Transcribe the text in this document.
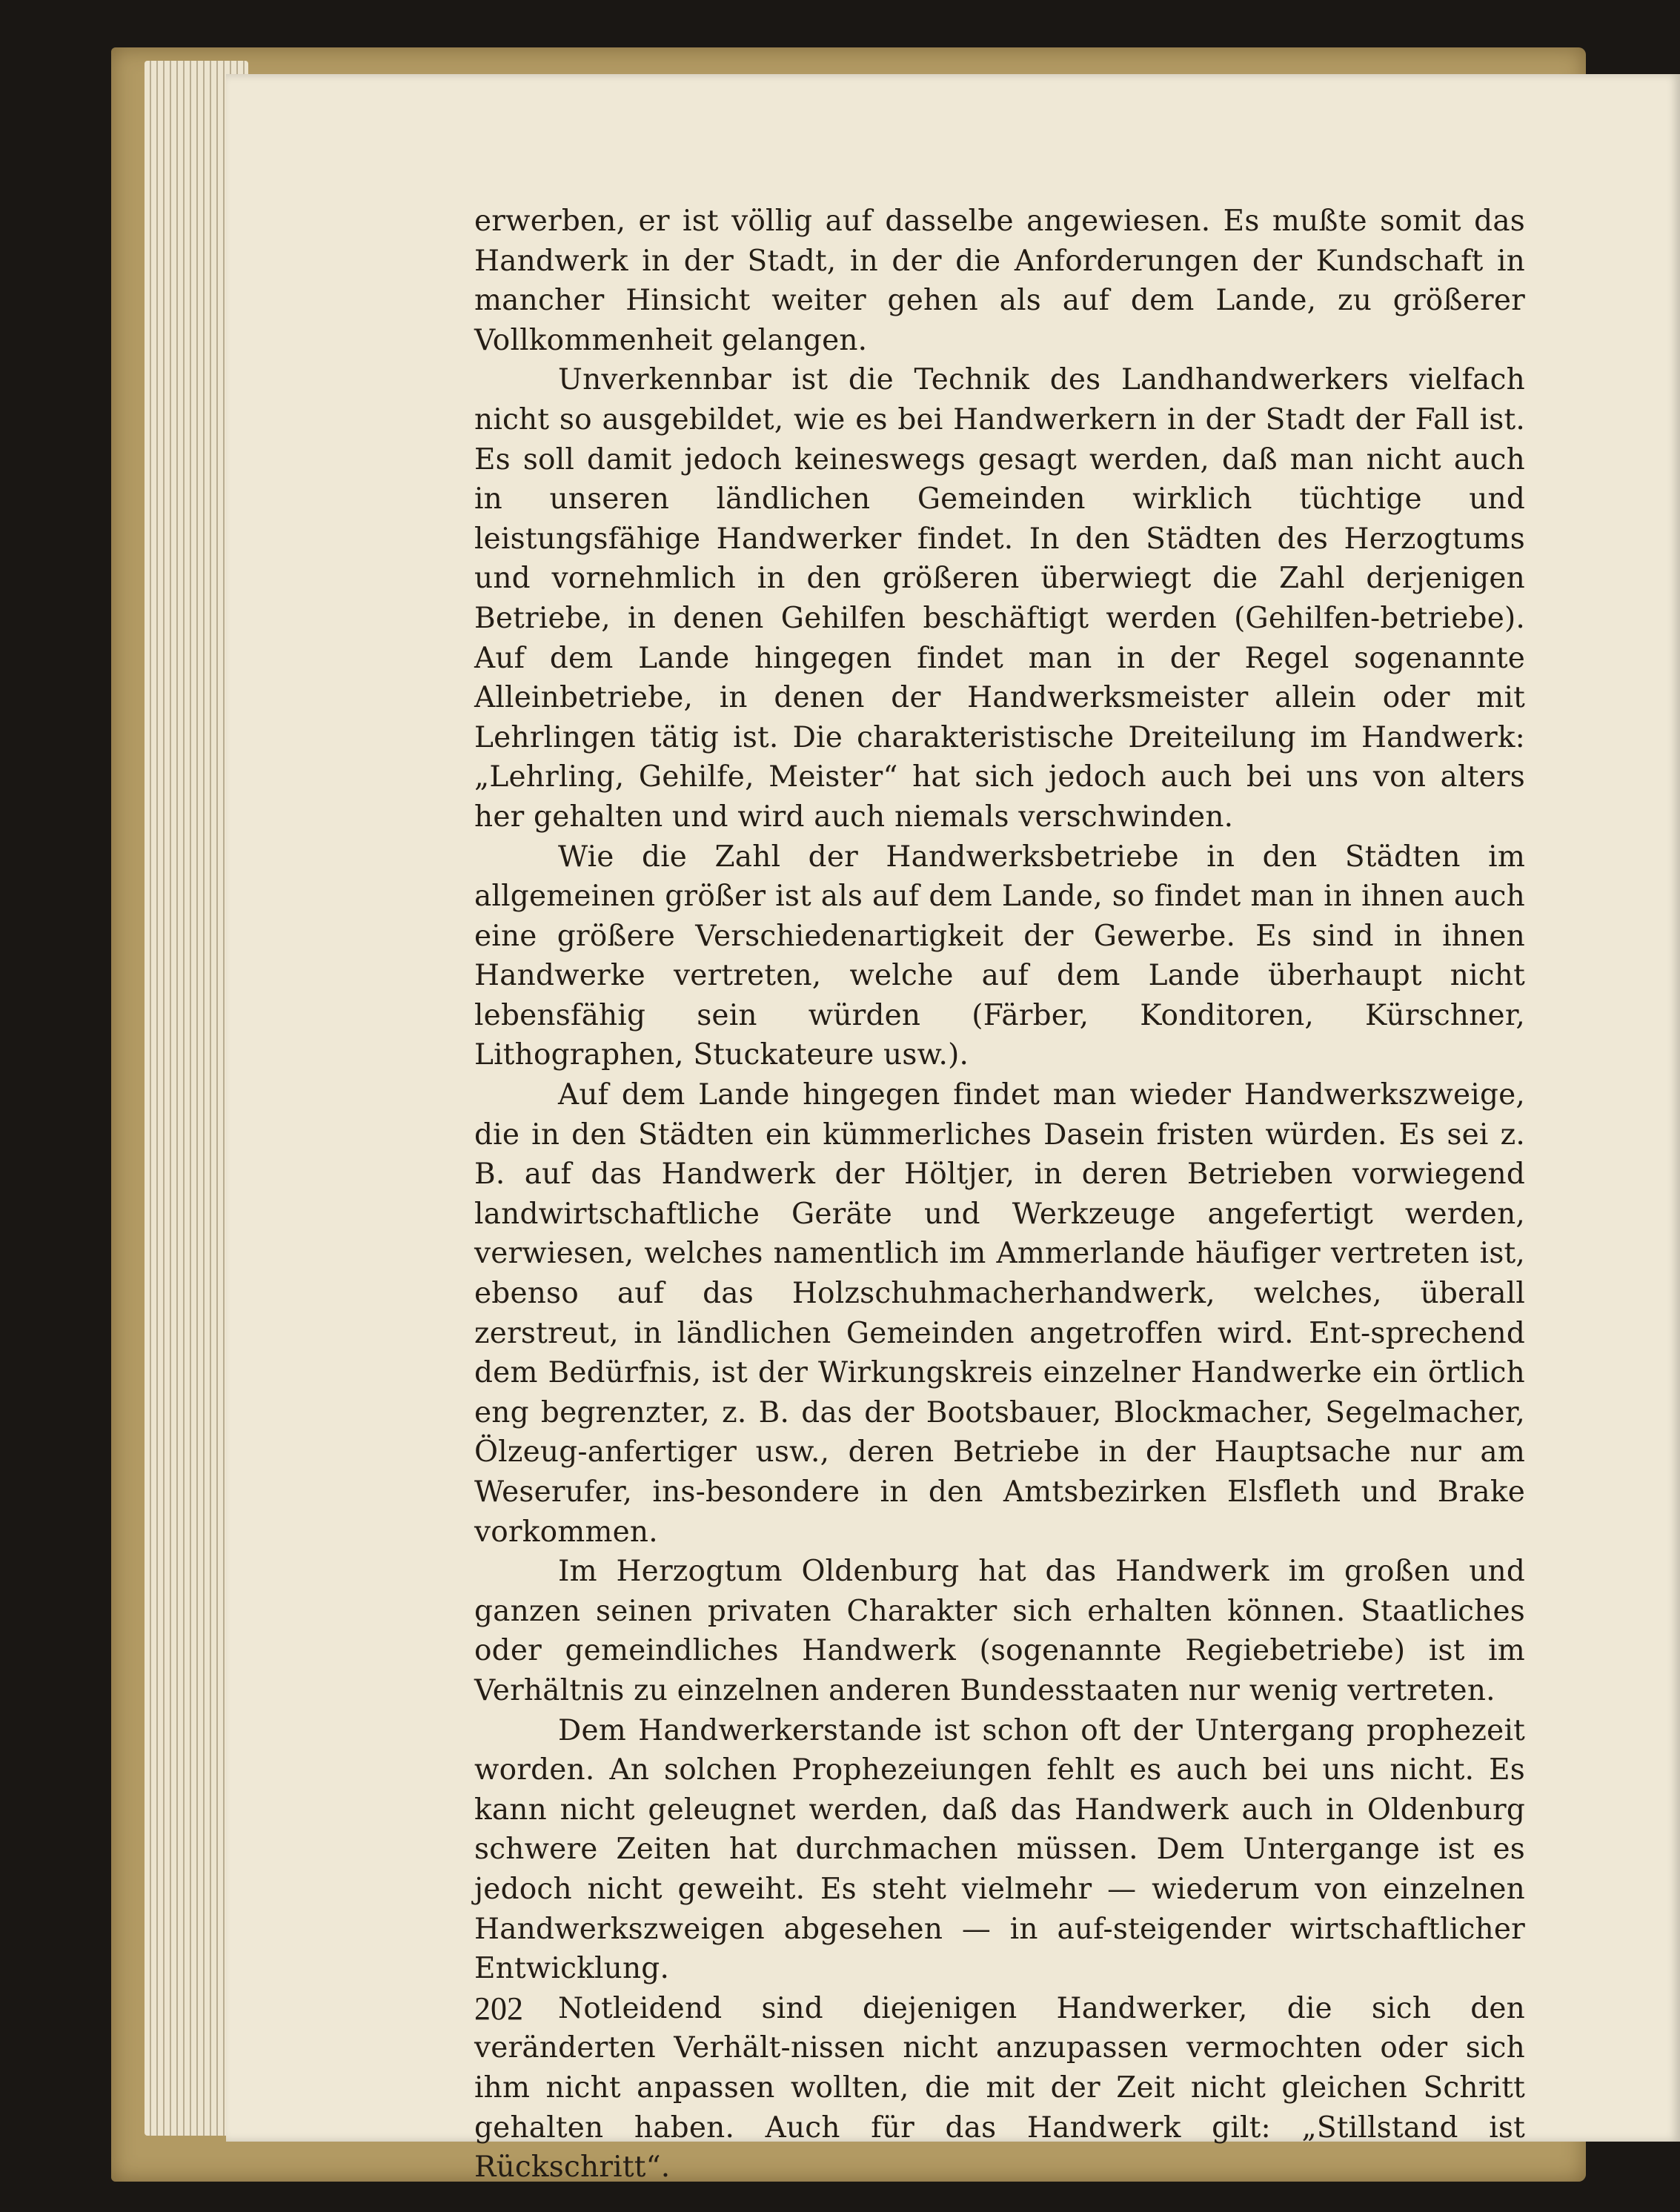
erwerben, er ist völlig auf dasselbe angewiesen. Es mußte somit das Handwerk in der Stadt, in der die Anforderungen der Kundschaft in mancher Hinsicht weiter gehen als auf dem Lande, zu größerer Vollkommenheit gelangen.

Unverkennbar ist die Technik des Landhandwerkers vielfach nicht so ausgebildet, wie es bei Handwerkern in der Stadt der Fall ist. Es soll damit jedoch keineswegs gesagt werden, daß man nicht auch in unseren ländlichen Gemeinden wirklich tüchtige und leistungsfähige Handwerker findet. In den Städten des Herzogtums und vornehmlich in den größeren überwiegt die Zahl derjenigen Betriebe, in denen Gehilfen beschäftigt werden (Gehilfen-betriebe). Auf dem Lande hingegen findet man in der Regel sogenannte Alleinbetriebe, in denen der Handwerksmeister allein oder mit Lehrlingen tätig ist. Die charakteristische Dreiteilung im Handwerk: „Lehrling, Gehilfe, Meister“ hat sich jedoch auch bei uns von alters her gehalten und wird auch niemals verschwinden.

Wie die Zahl der Handwerksbetriebe in den Städten im allgemeinen größer ist als auf dem Lande, so findet man in ihnen auch eine größere Verschiedenartigkeit der Gewerbe. Es sind in ihnen Handwerke vertreten, welche auf dem Lande überhaupt nicht lebensfähig sein würden (Färber, Konditoren, Kürschner, Lithographen, Stuckateure usw.).

Auf dem Lande hingegen findet man wieder Handwerkszweige, die in den Städten ein kümmerliches Dasein fristen würden. Es sei z. B. auf das Handwerk der Höltjer, in deren Betrieben vorwiegend landwirtschaftliche Geräte und Werkzeuge angefertigt werden, verwiesen, welches namentlich im Ammerlande häufiger vertreten ist, ebenso auf das Holzschuhmacherhandwerk, welches, überall zerstreut, in ländlichen Gemeinden angetroffen wird. Ent-sprechend dem Bedürfnis, ist der Wirkungskreis einzelner Handwerke ein örtlich eng begrenzter, z. B. das der Bootsbauer, Blockmacher, Segelmacher, Ölzeug-anfertiger usw., deren Betriebe in der Hauptsache nur am Weserufer, ins-besondere in den Amtsbezirken Elsfleth und Brake vorkommen.

Im Herzogtum Oldenburg hat das Handwerk im großen und ganzen seinen privaten Charakter sich erhalten können. Staatliches oder gemeindliches Handwerk (sogenannte Regiebetriebe) ist im Verhältnis zu einzelnen anderen Bundesstaaten nur wenig vertreten.

Dem Handwerkerstande ist schon oft der Untergang prophezeit worden. An solchen Prophezeiungen fehlt es auch bei uns nicht. Es kann nicht geleugnet werden, daß das Handwerk auch in Oldenburg schwere Zeiten hat durchmachen müssen. Dem Untergange ist es jedoch nicht geweiht. Es steht vielmehr — wiederum von einzelnen Handwerkszweigen abgesehen — in auf-steigender wirtschaftlicher Entwicklung.

Notleidend sind diejenigen Handwerker, die sich den veränderten Verhält-nissen nicht anzupassen vermochten oder sich ihm nicht anpassen wollten, die mit der Zeit nicht gleichen Schritt gehalten haben. Auch für das Handwerk gilt: „Stillstand ist Rückschritt“.

202
